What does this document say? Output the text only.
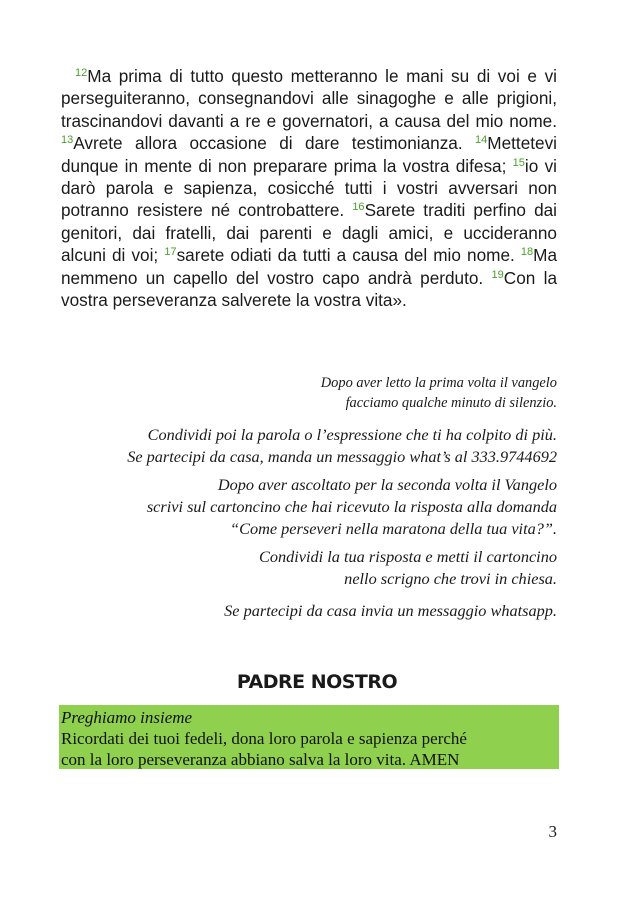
$^{12}$Ma prima di tutto questo metteranno le mani su di voi e vi perseguiteranno, consegnandovi alle sinagoghe e alle prigioni, trascinandovi davanti a re e governatori, a causa del mio nome. $^{13}$Avrete allora occasione di dare testimonianza. $^{14}$Mettetevi dunque in mente di non preparare prima la vostra difesa; $^{15}$io vi darò parola e sapienza, cosicché tutti i vostri avversari non potranno resistere né controbattere. $^{16}$Sarete traditi perfino dai genitori, dai fratelli, dai parenti e dagli amici, e uccideranno alcuni di voi; $^{17}$sarete odiati da tutti a causa del mio nome. $^{18}$Ma nemmeno un capello del vostro capo andrà perduto. $^{19}$Con la vostra perseveranza salverete la vostra vita».

Dopo aver letto la prima volta il vangelo
facciamo qualche minuto di silenzio.
Condividi poi la parola o l’espressione che ti ha colpito di più.
Se partecipi da casa, manda un messaggio what’s al 333.9744692
Dopo aver ascoltato per la seconda volta il Vangelo
scrivi sul cartoncino che hai ricevuto la risposta alla domanda
“Come perseveri nella maratona della tua vita?”.
Condividi la tua risposta e metti il cartoncino
nello scrigno che trovi in chiesa.
Se partecipi da casa invia un messaggio whatsapp.
PADRE NOSTRO
Preghiamo insieme
Ricordati dei tuoi fedeli, dona loro parola e sapienza perché
con la loro perseveranza abbiano salva la loro vita. AMEN
3
